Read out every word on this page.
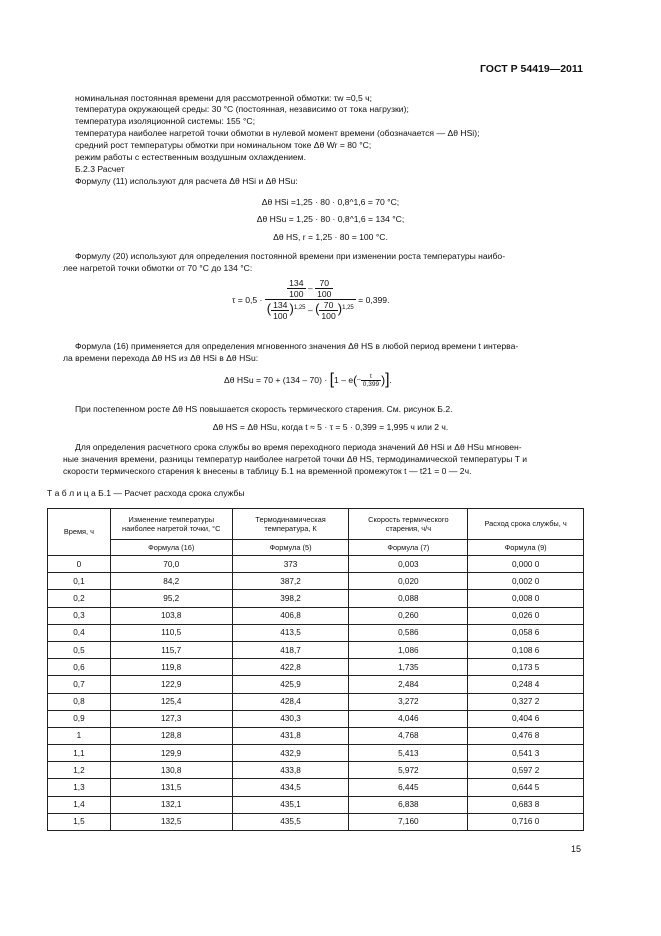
ГОСТ Р 54419—2011
номинальная постоянная времени для рассмотренной обмотки: τw =0,5 ч;
температура окружающей среды: 30 °С (постоянная, независимо от тока нагрузки);
температура изоляционной системы: 155 °С;
температура наиболее нагретой точки обмотки в нулевой момент времени (обозначается — Δθ HSi);
средний рост температуры обмотки при номинальном токе Δθ Wr = 80 °С;
режим работы с естественным воздушным охлаждением.
Б.2.3 Расчет
Формулу (11) используют для расчета Δθ HSi и Δθ HSu:
Δθ HSi =1,25 · 80 · 0,8^1,6 = 70 °С;
Δθ HSu = 1,25 · 80 · 0,8^1,6 = 134 °С;
Δθ HS, r = 1,25 · 80 = 100 °С.
Формулу (20) используют для определения постоянной времени при изменении роста температуры наибо-
лее нагретой точки обмотки от 70 °С до 134 °С:
$\tau = 0,5 \cdot \frac{\frac{134}{100} - \frac{70}{100}}{( \frac{134}{100} )^{1,25} - ( \frac{70}{100} )^{1,25}} = 0,399$.
Формула (16) применяется для определения мгновенного значения Δθ HS в любой период времени t интерва-
ла времени перехода Δθ HS из Δθ HSi в Δθ HSu:
Δθ HSu = $70 + (134 - 70) \cdot [1 - e(- \frac{t}{0,399}$ )].
При постепенном росте Δθ HS повышается скорость термического старения. См. рисунок Б.2.
Δθ HS = Δθ HSu, когда t ≈ 5 · τ = 5 · 0,399 = 1,995 ч или 2 ч.
Для определения расчетного срока службы во время переходного периода значений Δθ HSi и Δθ HSu мгновен-
ные значения времени, разницы температур наиболее нагретой точки Δθ HS, термодинамической температуры T и
скорости термического старения k внесены в таблицу Б.1 на временной промежуток t — t21 = 0 — 2ч.
Т а б л и ц а Б.1 — Расчет расхода срока службы
Время, ч	Изменение температуры наиболее нагретой точки, °С	Термодинамическая температура, К	Скорость термического старения, ч/ч	Расход срока службы, ч
	Формула (16)	Формула (5)	Формула (7)	Формула (9)
0	70,0	373	0,003	0,000 0
0,1	84,2	387,2	0,020	0,002 0
0,2	95,2	398,2	0,088	0,008 0
0,3	103,8	406,8	0,260	0,026 0
0,4	110,5	413,5	0,586	0,058 6
0,5	115,7	418,7	1,086	0,108 6
0,6	119,8	422,8	1,735	0,173 5
0,7	122,9	425,9	2,484	0,248 4
0,8	125,4	428,4	3,272	0,327 2
0,9	127,3	430,3	4,046	0,404 6
1	128,8	431,8	4,768	0,476 8
1,1	129,9	432,9	5,413	0,541 3
1,2	130,8	433,8	5,972	0,597 2
1,3	131,5	434,5	6,445	0,644 5
1,4	132,1	435,1	6,838	0,683 8
1,5	132,5	435,5	7,160	0,716 0
15
